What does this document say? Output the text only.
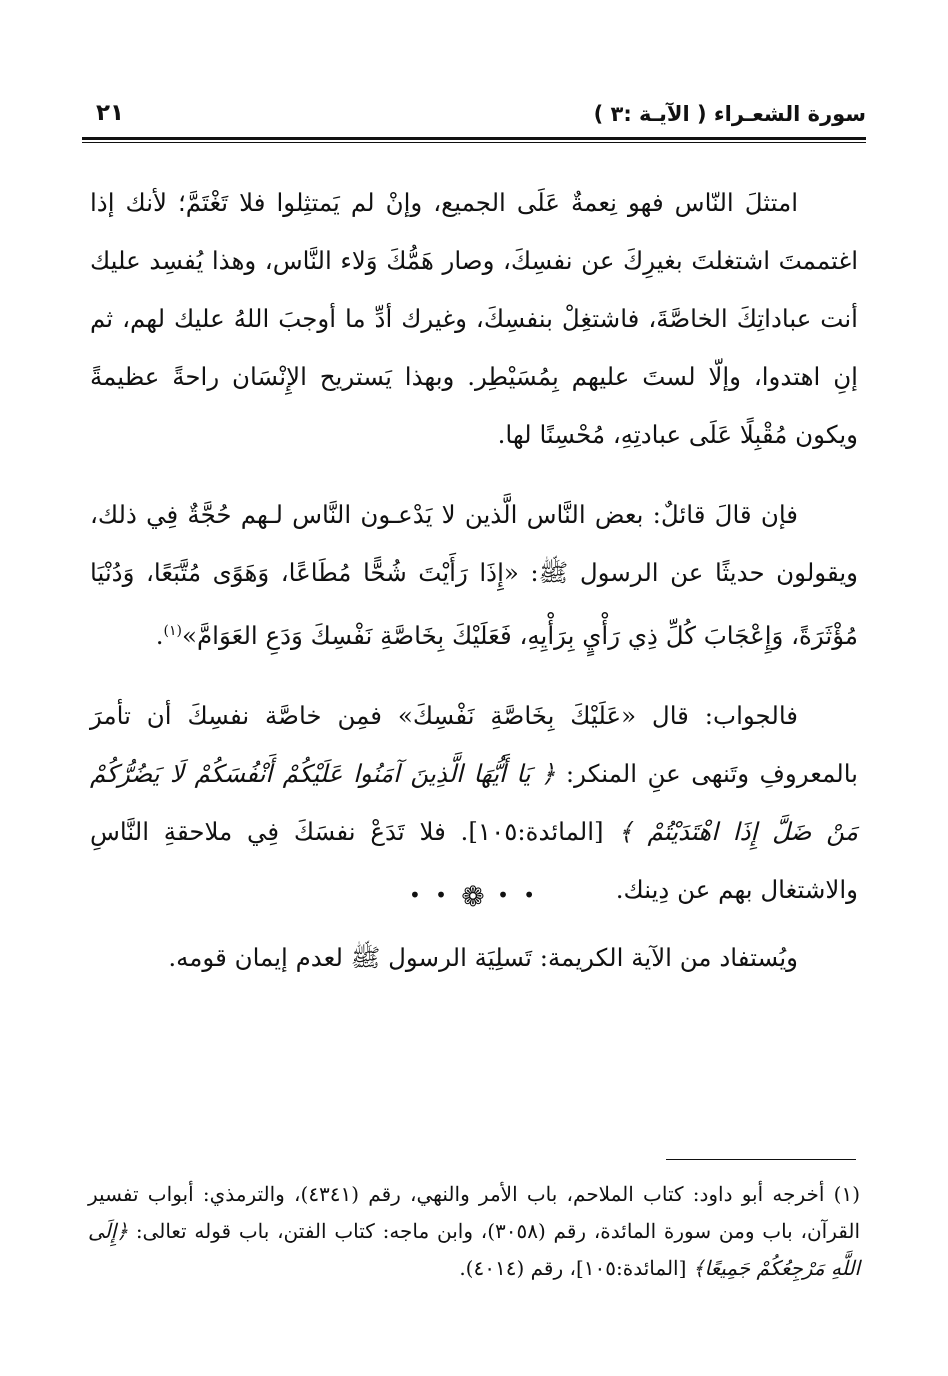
سورة الشعـراء ( الآيـة :٣ )
٢١

امتثلَ النّاس فهو نِعمةٌ عَلَى الجميع، وإنْ لم يَمتثِلوا فلا تَغْتَمَّ؛ لأنك إذا اغتممتَ اشتغلتَ بغيرِكَ عن نفسِكَ، وصار هَمُّكَ وَلاء النَّاس، وهذا يُفسِد عليك أنت عباداتِكَ الخاصَّةَ، فاشتغِلْ بنفسِكَ، وغيرك أدِّ ما أوجبَ اللهُ عليك لهم، ثم إنِ اهتدوا، وإلّا لستَ عليهم بِمُسَيْطِر. وبهذا يَستريح الإِنْسَان راحةً عظيمةً ويكون مُقْبِلًا عَلَى عبادتِهِ، مُحْسِنًا لها.

فإن قالَ قائلٌ: بعض النَّاس الَّذين لا يَدْعـون النَّاس لـهم حُجَّةٌ فِي ذلك، ويقولون حديثًا عن الرسول ﷺ: «إِذَا رَأَيْتَ شُحًّا مُطَاعًا، وَهَوًى مُتَّبَعًا، وَدُنْيَا مُؤْثَرَةً، وَإِعْجَابَ كُلِّ ذِي رَأْيٍ بِرَأْيِهِ، فَعَلَيْكَ بِخَاصَّةِ نَفْسِكَ وَدَعِ العَوَامَّ»$^{(١)}$.

فالجواب: قال «عَلَيْكَ بِخَاصَّةِ نَفْسِكَ» فمِن خاصَّة نفسِكَ أن تأمرَ بالمعروفِ وتَنهى عنِ المنكر: ﴿ يَا أَيُّهَا الَّذِينَ آمَنُوا عَلَيْكُمْ أَنْفُسَكُمْ لَا يَضُرُّكُمْ مَنْ ضَلَّ إِذَا اهْتَدَيْتُمْ ﴾ [المائدة:١٠٥]. فلا تَدَعْ نفسَكَ فِي ملاحقةِ النَّاسِ والاشتغال بهم عن دِينك.

ويُستفاد من الآية الكريمة: تَسلِيَة الرسول ﷺ لعدم إيمان قومه.

• • ❁ • •

(١) أخرجه أبو داود: كتاب الملاحم، باب الأمر والنهي، رقم (٤٣٤١)، والترمذي: أبواب تفسير القرآن، باب ومن سورة المائدة، رقم (٣٠٥٨)، وابن ماجه: كتاب الفتن، باب قوله تعالى: ﴿إِلَى اللَّهِ مَرْجِعُكُمْ جَمِيعًا﴾ [المائدة:١٠٥]، رقم (٤٠١٤).
